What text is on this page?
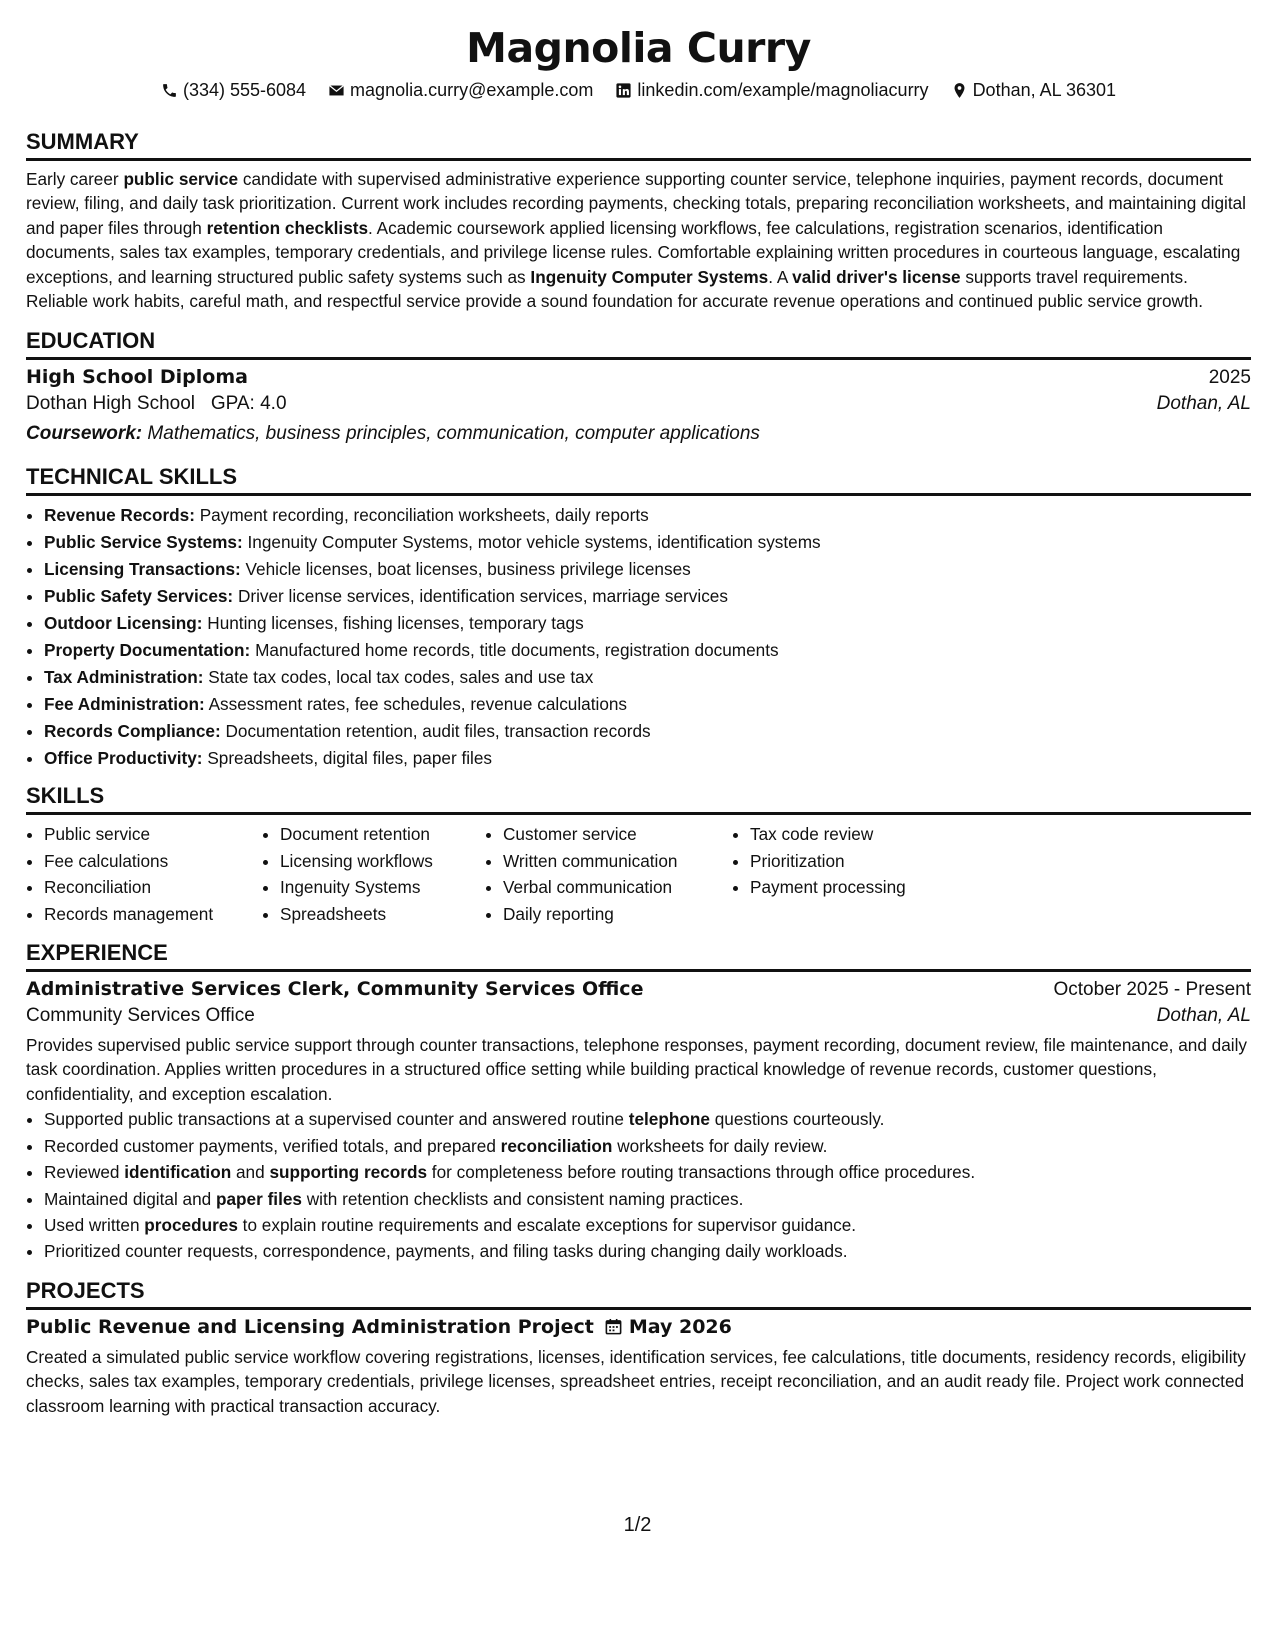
Magnolia Curry
(334) 555-6084 magnolia.curry@example.com linkedin.com/example/magnoliacurry Dothan, AL 36301
SUMMARY

Early career public service candidate with supervised administrative experience supporting counter service, telephone inquiries, payment records, document review, filing, and daily task prioritization. Current work includes recording payments, checking totals, preparing reconciliation worksheets, and maintaining digital and paper files through retention checklists. Academic coursework applied licensing workflows, fee calculations, registration scenarios, identification documents, sales tax examples, temporary credentials, and privilege license rules. Comfortable explaining written procedures in courteous language, escalating exceptions, and learning structured public safety systems such as Ingenuity Computer Systems. A valid driver's license supports travel requirements. Reliable work habits, careful math, and respectful service provide a sound foundation for accurate revenue operations and continued public service growth.

EDUCATION
High School Diploma	2025
Dothan High School GPA: 4.0	Dothan, AL
Coursework: Mathematics, business principles, communication, computer applications
TECHNICAL SKILLS
• Revenue Records: Payment recording, reconciliation worksheets, daily reports
• Public Service Systems: Ingenuity Computer Systems, motor vehicle systems, identification systems
• Licensing Transactions: Vehicle licenses, boat licenses, business privilege licenses
• Public Safety Services: Driver license services, identification services, marriage services
• Outdoor Licensing: Hunting licenses, fishing licenses, temporary tags
• Property Documentation: Manufactured home records, title documents, registration documents
• Tax Administration: State tax codes, local tax codes, sales and use tax
• Fee Administration: Assessment rates, fee schedules, revenue calculations
• Records Compliance: Documentation retention, audit files, transaction records
• Office Productivity: Spreadsheets, digital files, paper files
SKILLS
• Public service
• Fee calculations
• Reconciliation
• Records management
• Document retention
• Licensing workflows
• Ingenuity Systems
• Spreadsheets
• Customer service
• Written communication
• Verbal communication
• Daily reporting
• Tax code review
• Prioritization
• Payment processing
EXPERIENCE
Administrative Services Clerk, Community Services Office	October 2025 - Present
Community Services Office	Dothan, AL

Provides supervised public service support through counter transactions, telephone responses, payment recording, document review, file maintenance, and daily task coordination. Applies written procedures in a structured office setting while building practical knowledge of revenue records, customer questions, confidentiality, and exception escalation.

• Supported public transactions at a supervised counter and answered routine telephone questions courteously.
• Recorded customer payments, verified totals, and prepared reconciliation worksheets for daily review.
• Reviewed identification and supporting records for completeness before routing transactions through office procedures.
• Maintained digital and paper files with retention checklists and consistent naming practices.
• Used written procedures to explain routine requirements and escalate exceptions for supervisor guidance.
• Prioritized counter requests, correspondence, payments, and filing tasks during changing daily workloads.
PROJECTS
Public Revenue and Licensing Administration Project May 2026

Created a simulated public service workflow covering registrations, licenses, identification services, fee calculations, title documents, residency records, eligibility checks, sales tax examples, temporary credentials, privilege licenses, spreadsheet entries, receipt reconciliation, and an audit ready file. Project work connected classroom learning with practical transaction accuracy.

1/2
